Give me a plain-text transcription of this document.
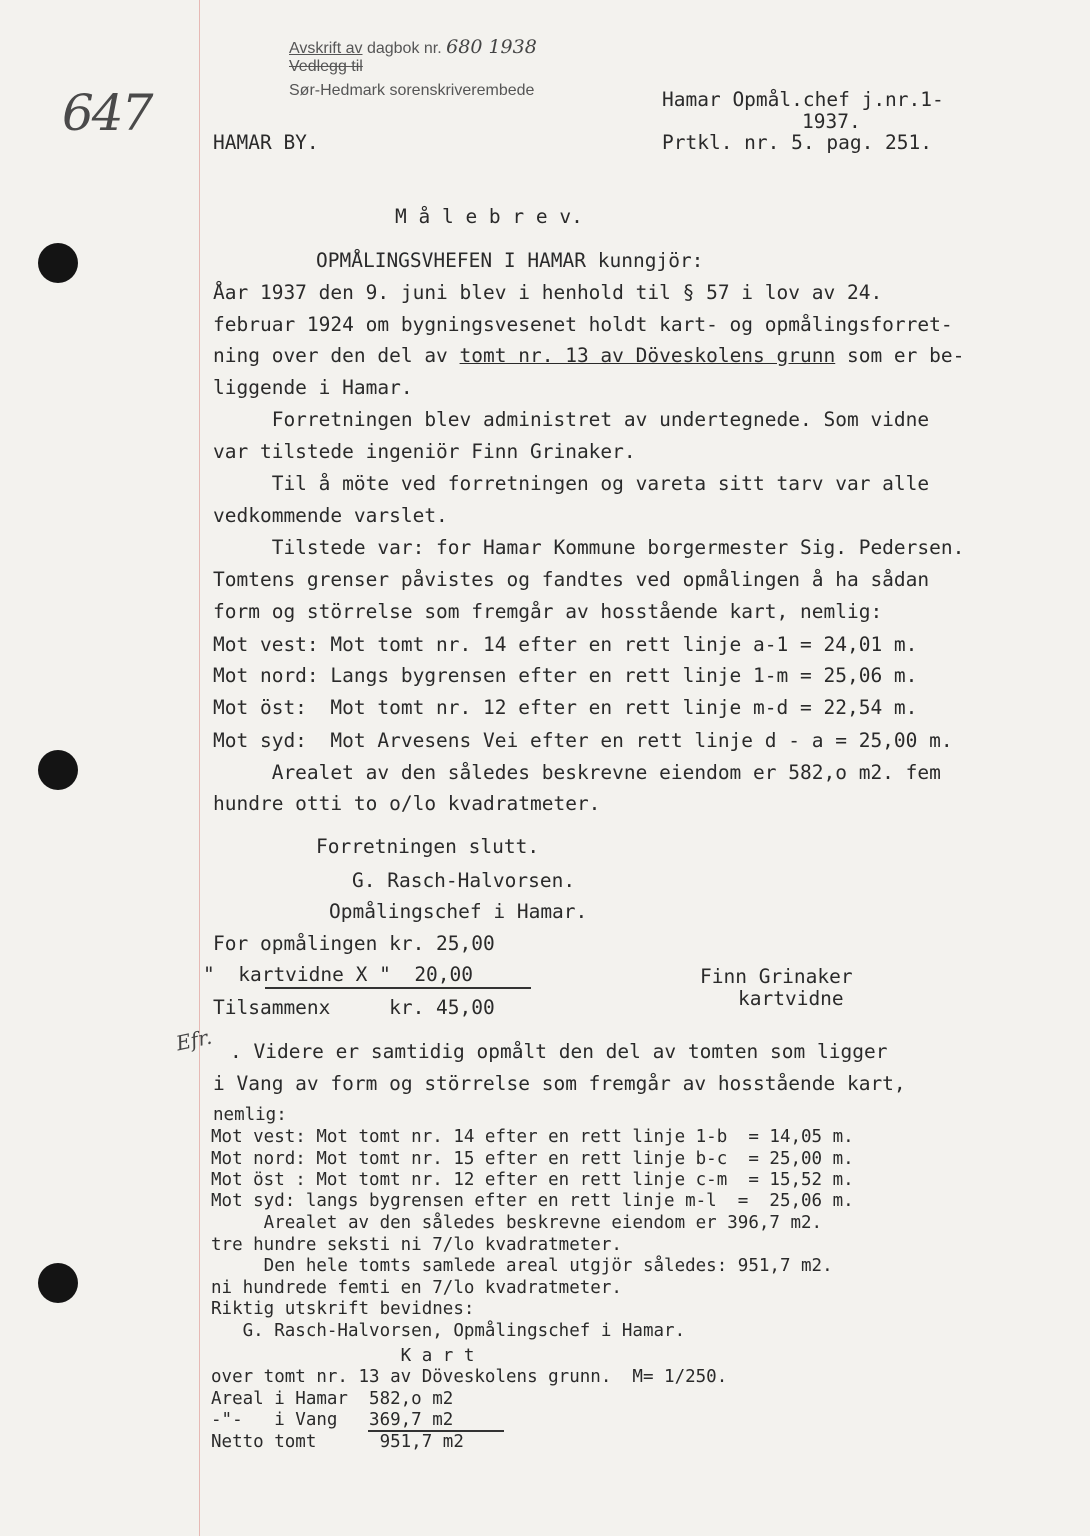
647
Avskrift av dagbok nr. 680 1938
Vedlegg til
Sør-Hedmark sorenskriverembede	Hamar Opmål.chef j.nr.1-
1937.
Prtkl. nr. 5. pag. 251.
HAMAR BY.
M å l e b r e v.
OPMÅLINGSVHEFEN I HAMAR kunngjör:
Åar 1937 den 9. juni blev i henhold til § 57 i lov av 24.
februar 1924 om bygningsvesenet holdt kart- og opmålingsforret-
ning over den del av tomt nr. 13 av Döveskolens grunn som er be-
liggende i Hamar.
Forretningen blev administret av undertegnede. Som vidne
var tilstede ingeniör Finn Grinaker.
Til å möte ved forretningen og vareta sitt tarv var alle
vedkommende varslet.
Tilstede var: for Hamar Kommune borgermester Sig. Pedersen.
Tomtens grenser påvistes og fandtes ved opmålingen å ha sådan
form og störrelse som fremgår av hosstående kart, nemlig:
Mot vest: Mot tomt nr. 14 efter en rett linje a-1 = 24,01 m.
Mot nord: Langs bygrensen efter en rett linje 1-m = 25,06 m.
Mot öst:  Mot tomt nr. 12 efter en rett linje m-d = 22,54 m.
Mot syd:  Mot Arvesens Vei efter en rett linje d - a = 25,00 m.
Arealet av den således beskrevne eiendom er 582,o m2. fem
hundre otti to o/lo kvadratmeter.
Forretningen slutt.
G. Rasch-Halvorsen.
Opmålingschef i Hamar.
For opmålingen kr. 25,00
"  kartvidne X "  20,00
Tilsammenx     kr. 45,00
Finn Grinaker
kartvidne
Efr. . Videre er samtidig opmålt den del av tomten som ligger
i Vang av form og störrelse som fremgår av hosstående kart,
nemlig:
Mot vest: Mot tomt nr. 14 efter en rett linje 1-b  = 14,05 m.
Mot nord: Mot tomt nr. 15 efter en rett linje b-c  = 25,00 m.
Mot öst : Mot tomt nr. 12 efter en rett linje c-m  = 15,52 m.
Mot syd: langs bygrensen efter en rett linje m-l  =  25,06 m.
Arealet av den således beskrevne eiendom er 396,7 m2.
tre hundre seksti ni 7/lo kvadratmeter.
Den hele tomts samlede areal utgjör således: 951,7 m2.
ni hundrede femti en 7/lo kvadratmeter.
Riktig utskrift bevidnes:
G. Rasch-Halvorsen, Opmålingschef i Hamar.
K a r t
over tomt nr. 13 av Döveskolens grunn.  M= 1/250.
Areal i Hamar  582,o m2
-"-   i Vang   369,7 m2
Netto tomt      951,7 m2
